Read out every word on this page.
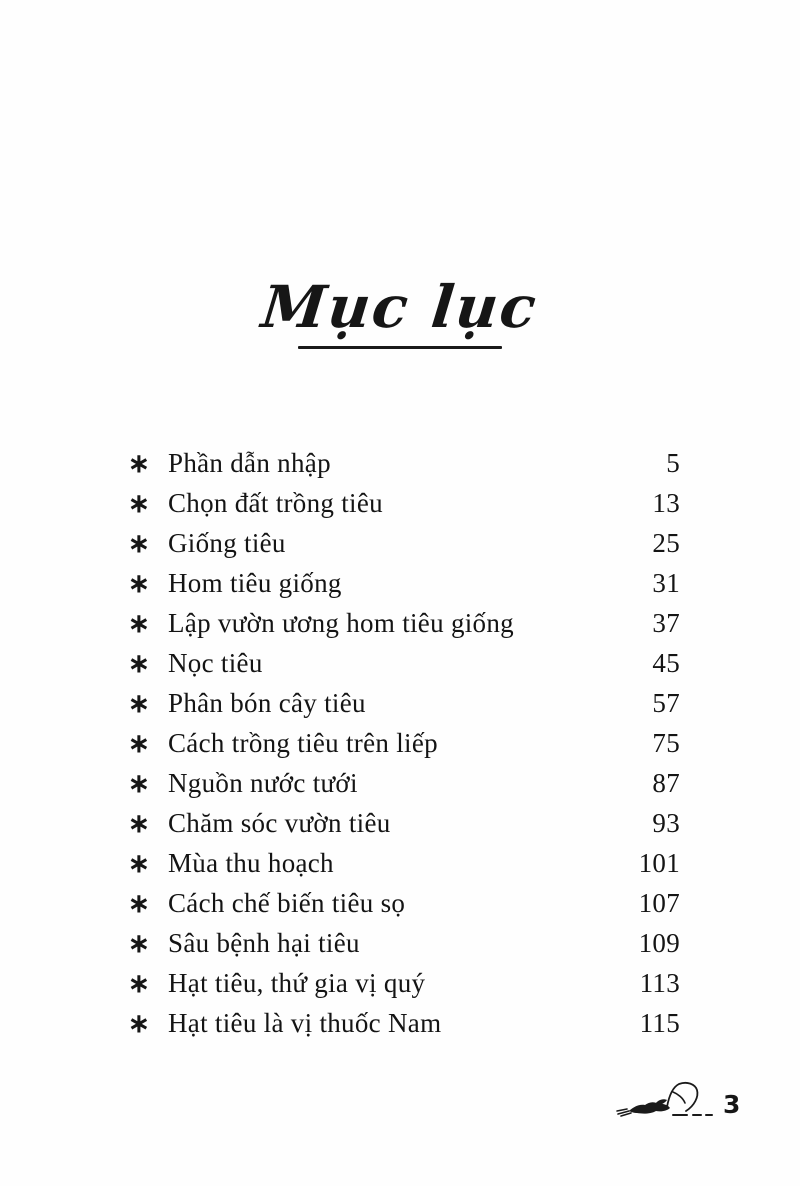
Mục lục
∗ Phần dẫn nhập	5
∗ Chọn đất trồng tiêu	13
∗ Giống tiêu	25
∗ Hom tiêu giống	31
∗ Lập vườn ương hom tiêu giống	37
∗ Nọc tiêu	45
∗ Phân bón cây tiêu	57
∗ Cách trồng tiêu trên liếp	75
∗ Nguồn nước tưới	87
∗ Chăm sóc vườn tiêu	93
∗ Mùa thu hoạch	101
∗ Cách chế biến tiêu sọ	107
∗ Sâu bệnh hại tiêu	109
∗ Hạt tiêu, thứ gia vị quý	113
∗ Hạt tiêu là vị thuốc Nam	115
3
